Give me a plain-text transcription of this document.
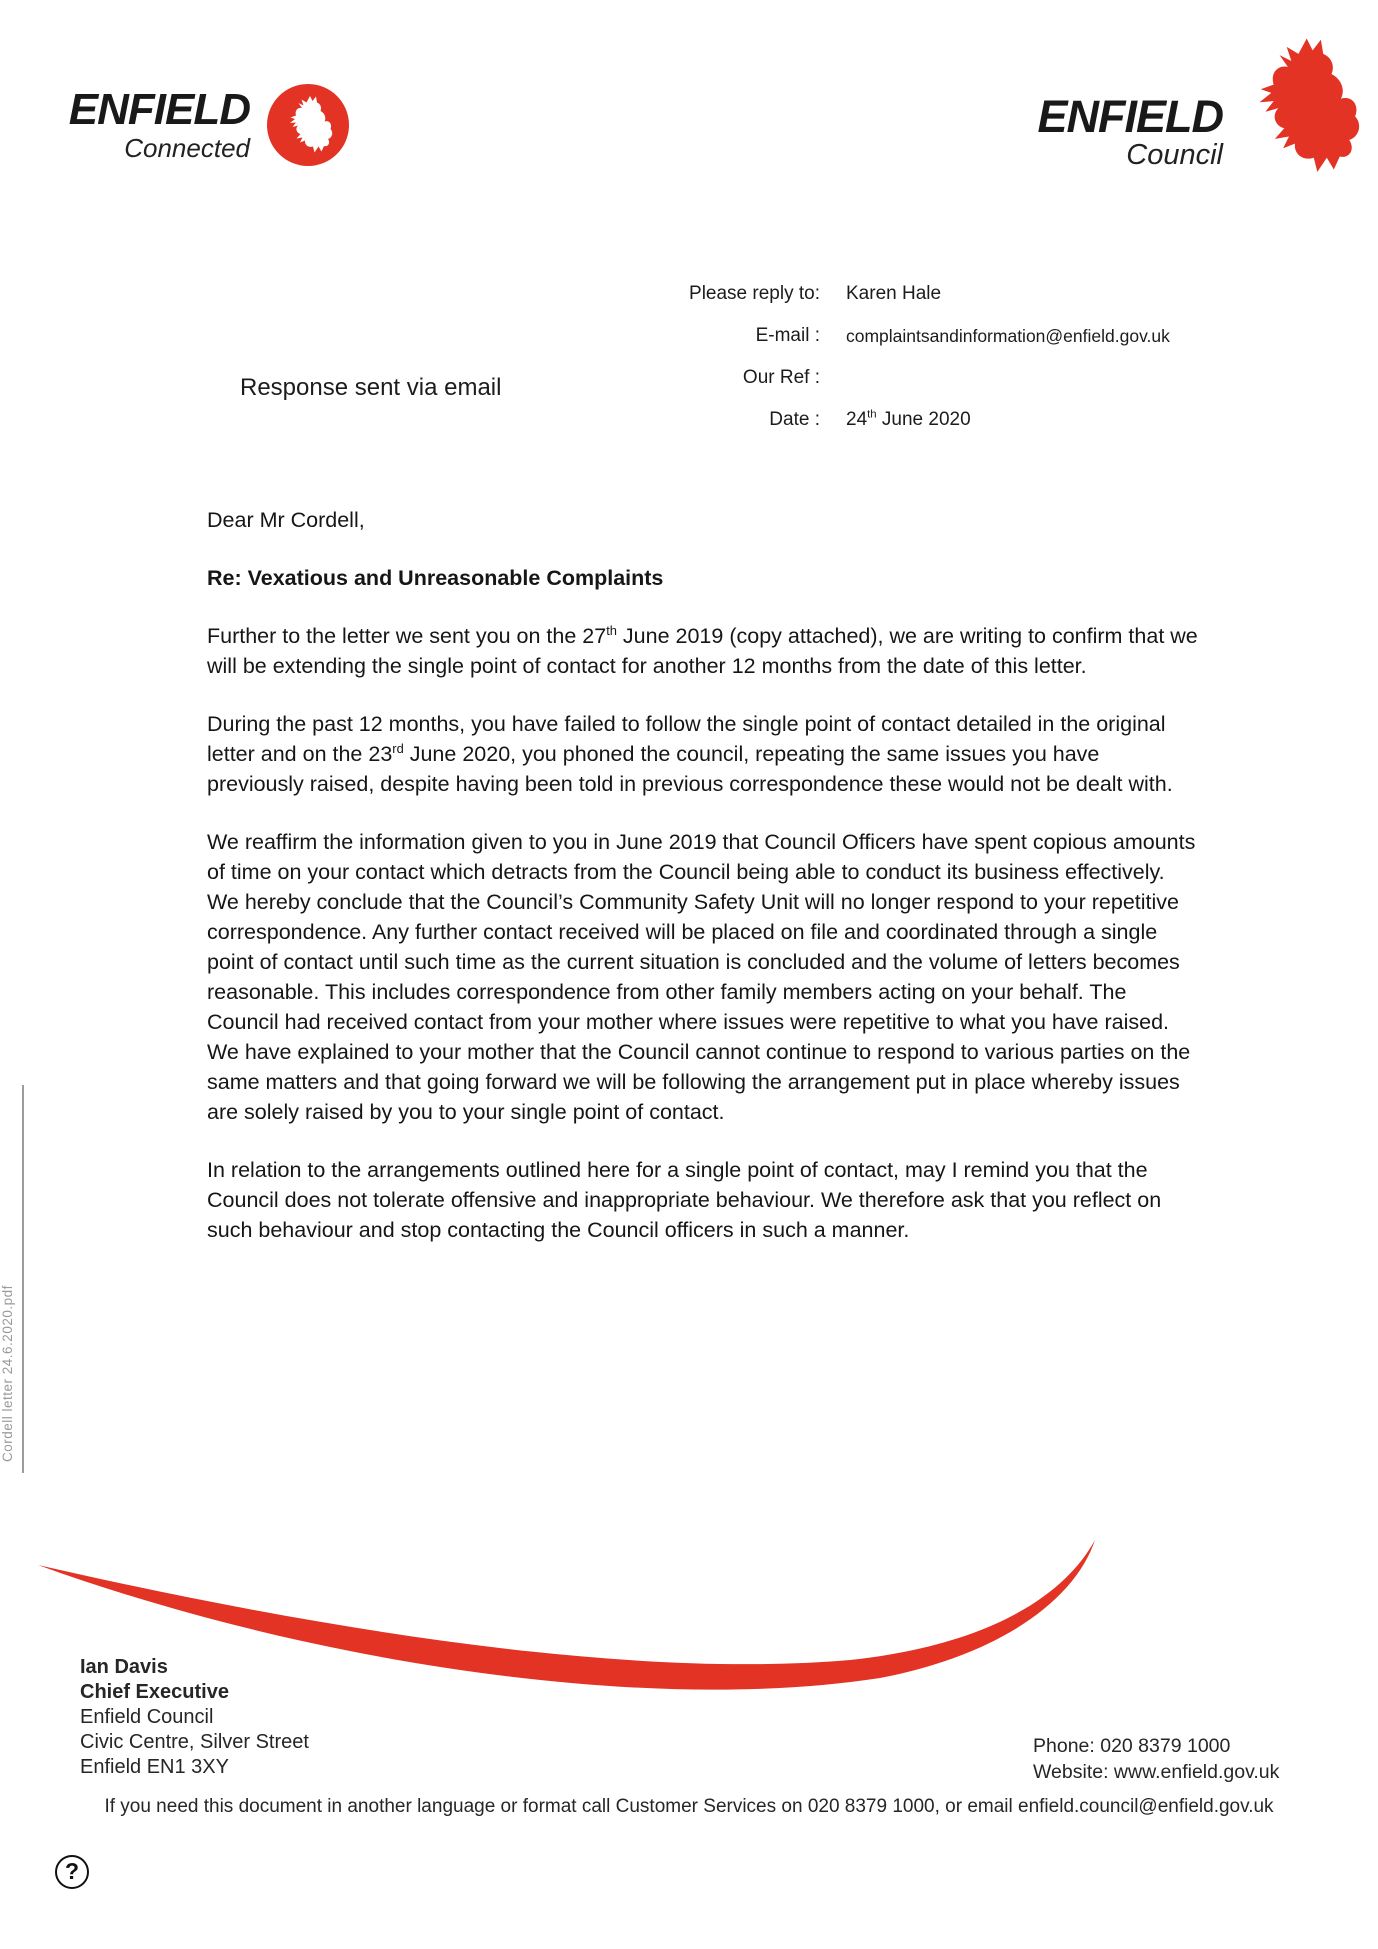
ENFIELD
Connected
ENFIELD
Council
Please reply to: Karen Hale
E-mail : complaintsandinformation@enfield.gov.uk
Our Ref :
Date : 24th June 2020
Response sent via email

Dear Mr Cordell,

Re: Vexatious and Unreasonable Complaints

Further to the letter we sent you on the 27th June 2019 (copy attached), we are writing to confirm that we will be extending the single point of contact for another 12 months from the date of this letter.

During the past 12 months, you have failed to follow the single point of contact detailed in the original letter and on the 23rd June 2020, you phoned the council, repeating the same issues you have previously raised, despite having been told in previous correspondence these would not be dealt with.

We reaffirm the information given to you in June 2019 that Council Officers have spent copious amounts of time on your contact which detracts from the Council being able to conduct its business effectively.

We hereby conclude that the Council’s Community Safety Unit will no longer respond to your repetitive correspondence. Any further contact received will be placed on file and coordinated through a single point of contact until such time as the current situation is concluded and the volume of letters becomes reasonable. This includes correspondence from other family members acting on your behalf. The Council had received contact from your mother where issues were repetitive to what you have raised. We have explained to your mother that the Council cannot continue to respond to various parties on the same matters and that going forward we will be following the arrangement put in place whereby issues are solely raised by you to your single point of contact.

In relation to the arrangements outlined here for a single point of contact, may I remind you that the Council does not tolerate offensive and inappropriate behaviour. We therefore ask that you reflect on such behaviour and stop contacting the Council officers in such a manner.

Cordell letter 24.6.2020.pdf
Ian Davis
Chief Executive
Enfield Council
Civic Centre, Silver Street
Enfield EN1 3XY
Phone: 020 8379 1000
Website: www.enfield.gov.uk
If you need this document in another language or format call Customer Services on 020 8379 1000, or email enfield.council@enfield.gov.uk
?
